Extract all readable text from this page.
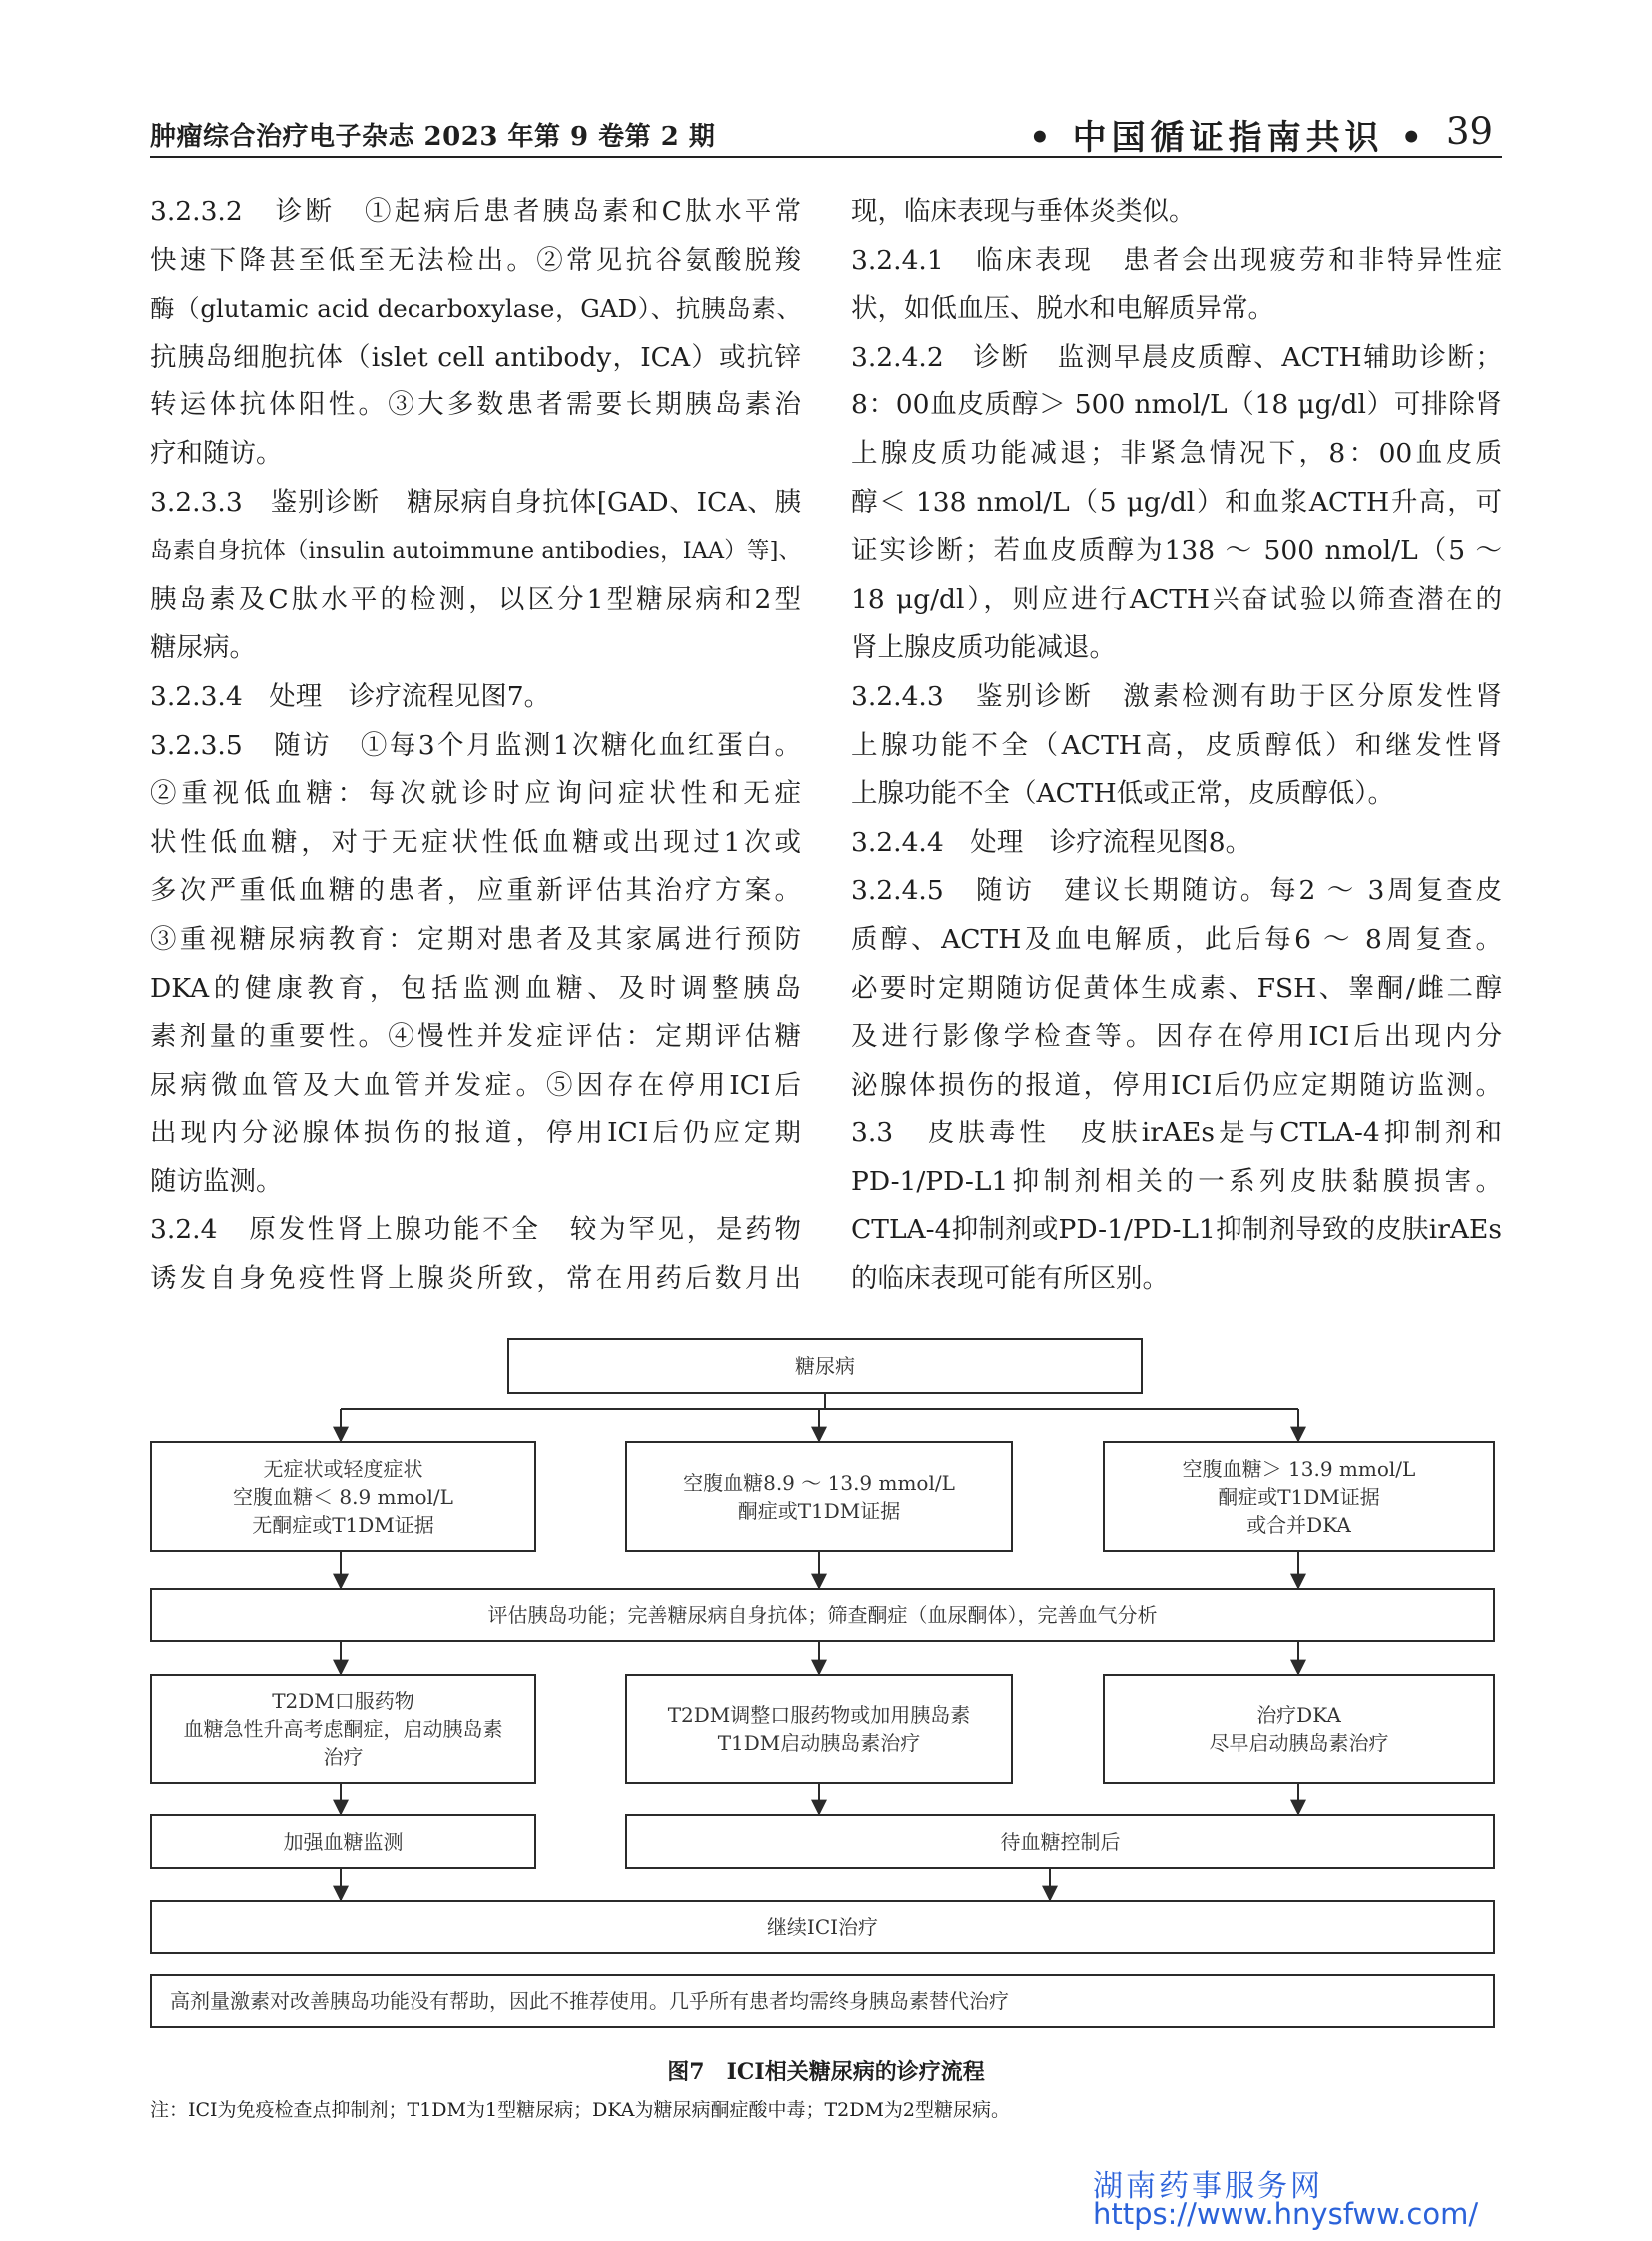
肿瘤综合治疗电子杂志 2023 年第 9 卷第 2 期	• 中国循证指南共识 • 39

3.2.3.2　诊断　①起病后患者胰岛素和C肽水平常

快速下降甚至低至无法检出。②常见抗谷氨酸脱羧

酶（glutamic acid decarboxylase，GAD）、抗胰岛素、

抗胰岛细胞抗体（islet cell antibody，ICA）或抗锌

转运体抗体阳性。③大多数患者需要长期胰岛素治

疗和随访。

3.2.3.3　鉴别诊断　糖尿病自身抗体[GAD、ICA、胰

岛素自身抗体（insulin autoimmune antibodies，IAA）等]、

胰岛素及C肽水平的检测，以区分1型糖尿病和2型

糖尿病。

3.2.3.4　处理　诊疗流程见图7。

3.2.3.5　随访　①每3个月监测1次糖化血红蛋白。

②重视低血糖：每次就诊时应询问症状性和无症

状性低血糖，对于无症状性低血糖或出现过1次或

多次严重低血糖的患者，应重新评估其治疗方案。

③重视糖尿病教育：定期对患者及其家属进行预防

DKA的健康教育，包括监测血糖、及时调整胰岛

素剂量的重要性。④慢性并发症评估：定期评估糖

尿病微血管及大血管并发症。⑤因存在停用ICI后

出现内分泌腺体损伤的报道，停用ICI后仍应定期

随访监测。

3.2.4　原发性肾上腺功能不全　较为罕见，是药物

诱发自身免疫性肾上腺炎所致，常在用药后数月出

现，临床表现与垂体炎类似。

3.2.4.1　临床表现　患者会出现疲劳和非特异性症

状，如低血压、脱水和电解质异常。

3.2.4.2　诊断　监测早晨皮质醇、ACTH辅助诊断；

8：00血皮质醇＞ 500 nmol/L（18 μg/dl）可排除肾

上腺皮质功能减退；非紧急情况下，8：00血皮质

醇＜ 138 nmol/L（5 μg/dl）和血浆ACTH升高，可

证实诊断；若血皮质醇为138 ～ 500 nmol/L（5 ～

18 μg/dl），则应进行ACTH兴奋试验以筛查潜在的

肾上腺皮质功能减退。

3.2.4.3　鉴别诊断　激素检测有助于区分原发性肾

上腺功能不全（ACTH高，皮质醇低）和继发性肾

上腺功能不全（ACTH低或正常，皮质醇低）。

3.2.4.4　处理　诊疗流程见图8。

3.2.4.5　随访　建议长期随访。每2 ～ 3周复查皮

质醇、ACTH及血电解质，此后每6 ～ 8周复查。

必要时定期随访促黄体生成素、FSH、睾酮/雌二醇

及进行影像学检查等。因存在停用ICI后出现内分

泌腺体损伤的报道，停用ICI后仍应定期随访监测。

3.3　皮肤毒性　皮肤irAEs是与CTLA-4抑制剂和

PD-1/PD-L1抑制剂相关的一系列皮肤黏膜损害。

CTLA-4抑制剂或PD-1/PD-L1抑制剂导致的皮肤irAEs

的临床表现可能有所区别。

糖尿病
无症状或轻度症状
空腹血糖＜ 8.9 mmol/L
无酮症或T1DM证据
空腹血糖8.9 ～ 13.9 mmol/L
酮症或T1DM证据
空腹血糖＞ 13.9 mmol/L
酮症或T1DM证据
或合并DKA
评估胰岛功能；完善糖尿病自身抗体；筛查酮症（血尿酮体），完善血气分析
T2DM口服药物
血糖急性升高考虑酮症，启动胰岛素
治疗
T2DM调整口服药物或加用胰岛素
T1DM启动胰岛素治疗
治疗DKA
尽早启动胰岛素治疗
加强血糖监测	待血糖控制后
继续ICI治疗
高剂量激素对改善胰岛功能没有帮助，因此不推荐使用。几乎所有患者均需终身胰岛素替代治疗
图7　ICI相关糖尿病的诊疗流程
注：ICI为免疫检查点抑制剂；T1DM为1型糖尿病；DKA为糖尿病酮症酸中毒；T2DM为2型糖尿病。
湖南药事服务网
https://www.hnysfww.com/
